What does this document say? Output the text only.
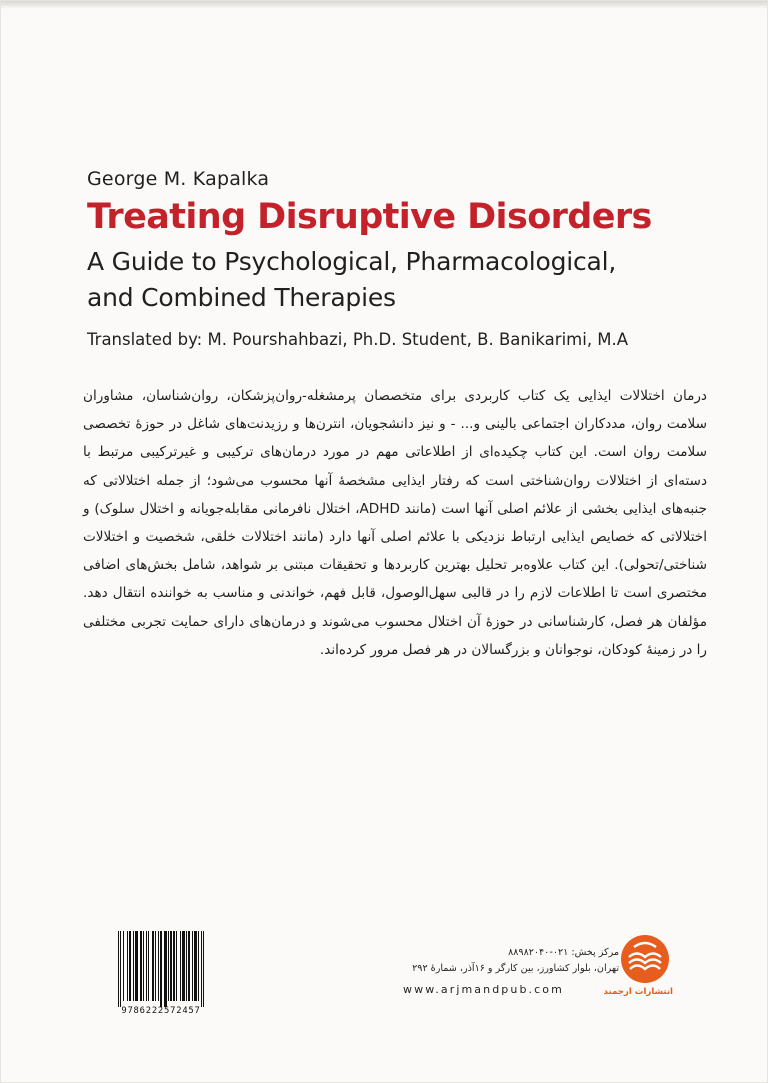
George M. Kapalka

Treating Disruptive Disorders

A Guide to Psychological, Pharmacological,

and Combined Therapies

Translated by: M. Pourshahbazi, Ph.D. Student, B. Banikarimi, M.A

درمان اختلالات ایذایی یک کتاب کاربردی برای متخصصان پرمشغله-روان‌پزشکان، روان‌شناسان، مشاوران سلامت روان، مددکاران اجتماعی بالینی و... - و نیز دانشجویان، انترن‌ها و رزیدنت‌های شاغل در حوزهٔ تخصصی سلامت روان است. این کتاب چکیده‌ای از اطلاعاتی مهم در مورد درمان‌های ترکیبی و غیرترکیبی مرتبط با دسته‌ای از اختلالات روان‌شناختی است که رفتار ایذایی مشخصهٔ آنها محسوب می‌شود؛ از جمله اختلالاتی که جنبه‌های ایذایی بخشی از علائم اصلی آنها است (مانند ADHD، اختلال نافرمانی مقابله‌جویانه و اختلال سلوک) و اختلالاتی که خصایص ایذایی ارتباط نزدیکی با علائم اصلی آنها دارد (مانند اختلالات خلقی، شخصیت و اختلالات شناختی/تحولی). این کتاب علاوه‌بر تحلیل بهترین کاربردها و تحقیقات مبتنی بر شواهد، شامل بخش‌های اضافی مختصری است تا اطلاعات لازم را در قالبی سهل‌الوصول، قابل فهم، خواندنی و مناسب به خواننده انتقال دهد. مؤلفان هر فصل، کارشناسانی در حوزهٔ آن اختلال محسوب می‌شوند و درمان‌های دارای حمایت تجربی مختلفی را در زمینهٔ کودکان، نوجوانان و بزرگسالان در هر فصل مرور کرده‌اند.

9786222572457
مرکز پخش: ۰۲۱-۸۸۹۸۲۰۴۰
تهران، بلوار کشاورز، بین کارگر و ۱۶آذر، شمارهٔ ۲۹۲
www.arjmandpub.com	انتشارات ارجمند
